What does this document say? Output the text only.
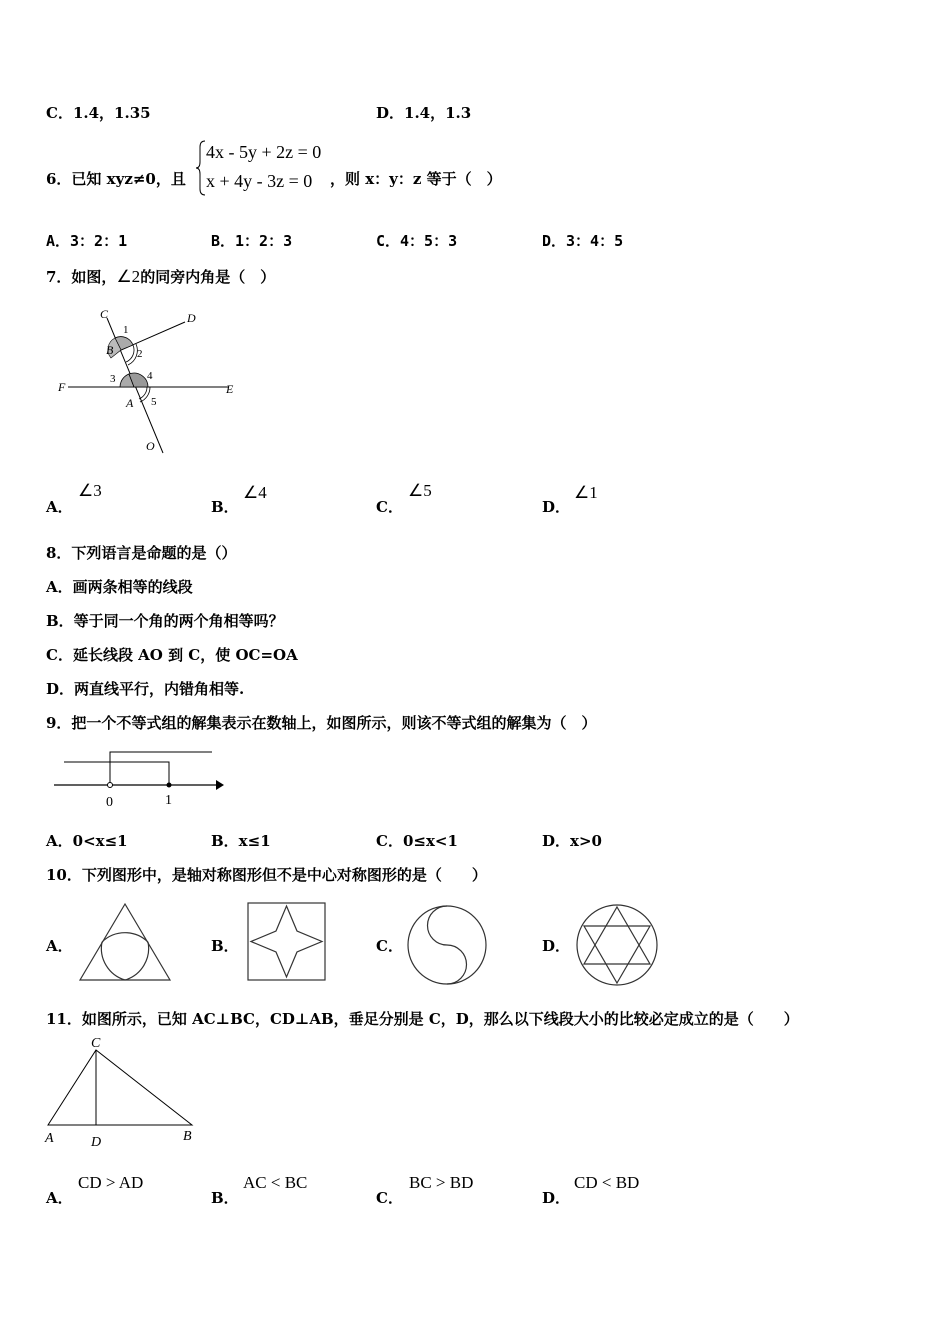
C．1.4，1.35	D．1.4，1.3
6．已知 xyz≠0，且
4x - 5y + 2z = 0
x + 4y - 3z = 0 ，则 x：y：z 等于（　）
A．3：2：1	B．1：2：3	C．4：5：3	D．3：4：5
7．如图，∠2的同旁内角是（　）
C	D
B
F	E
A
O
1
2
3	4
5
A．
∠3
B．
∠4
C．
∠5
D．
∠1
8．下列语言是命题的是（）
A．画两条相等的线段
B．等于同一个角的两个角相等吗？
C．延长线段 AO 到 C，使 OC=OA
D．两直线平行，内错角相等.
9．把一个不等式组的解集表示在数轴上，如图所示，则该不等式组的解集为（　）
0	1
A．0<x≤1	B．x≤1	C．0≤x<1	D．x>0
10．下列图形中，是轴对称图形但不是中心对称图形的是（　　）
A．	B．	C．	D．
11．如图所示，已知 AC⊥BC，CD⊥AB，垂足分别是 C，D，那么以下线段大小的比较必定成立的是（　　）
C
A	D	B
A．
CD > AD
B．
AC < BC
C．
BC > BD
D．
CD < BD
